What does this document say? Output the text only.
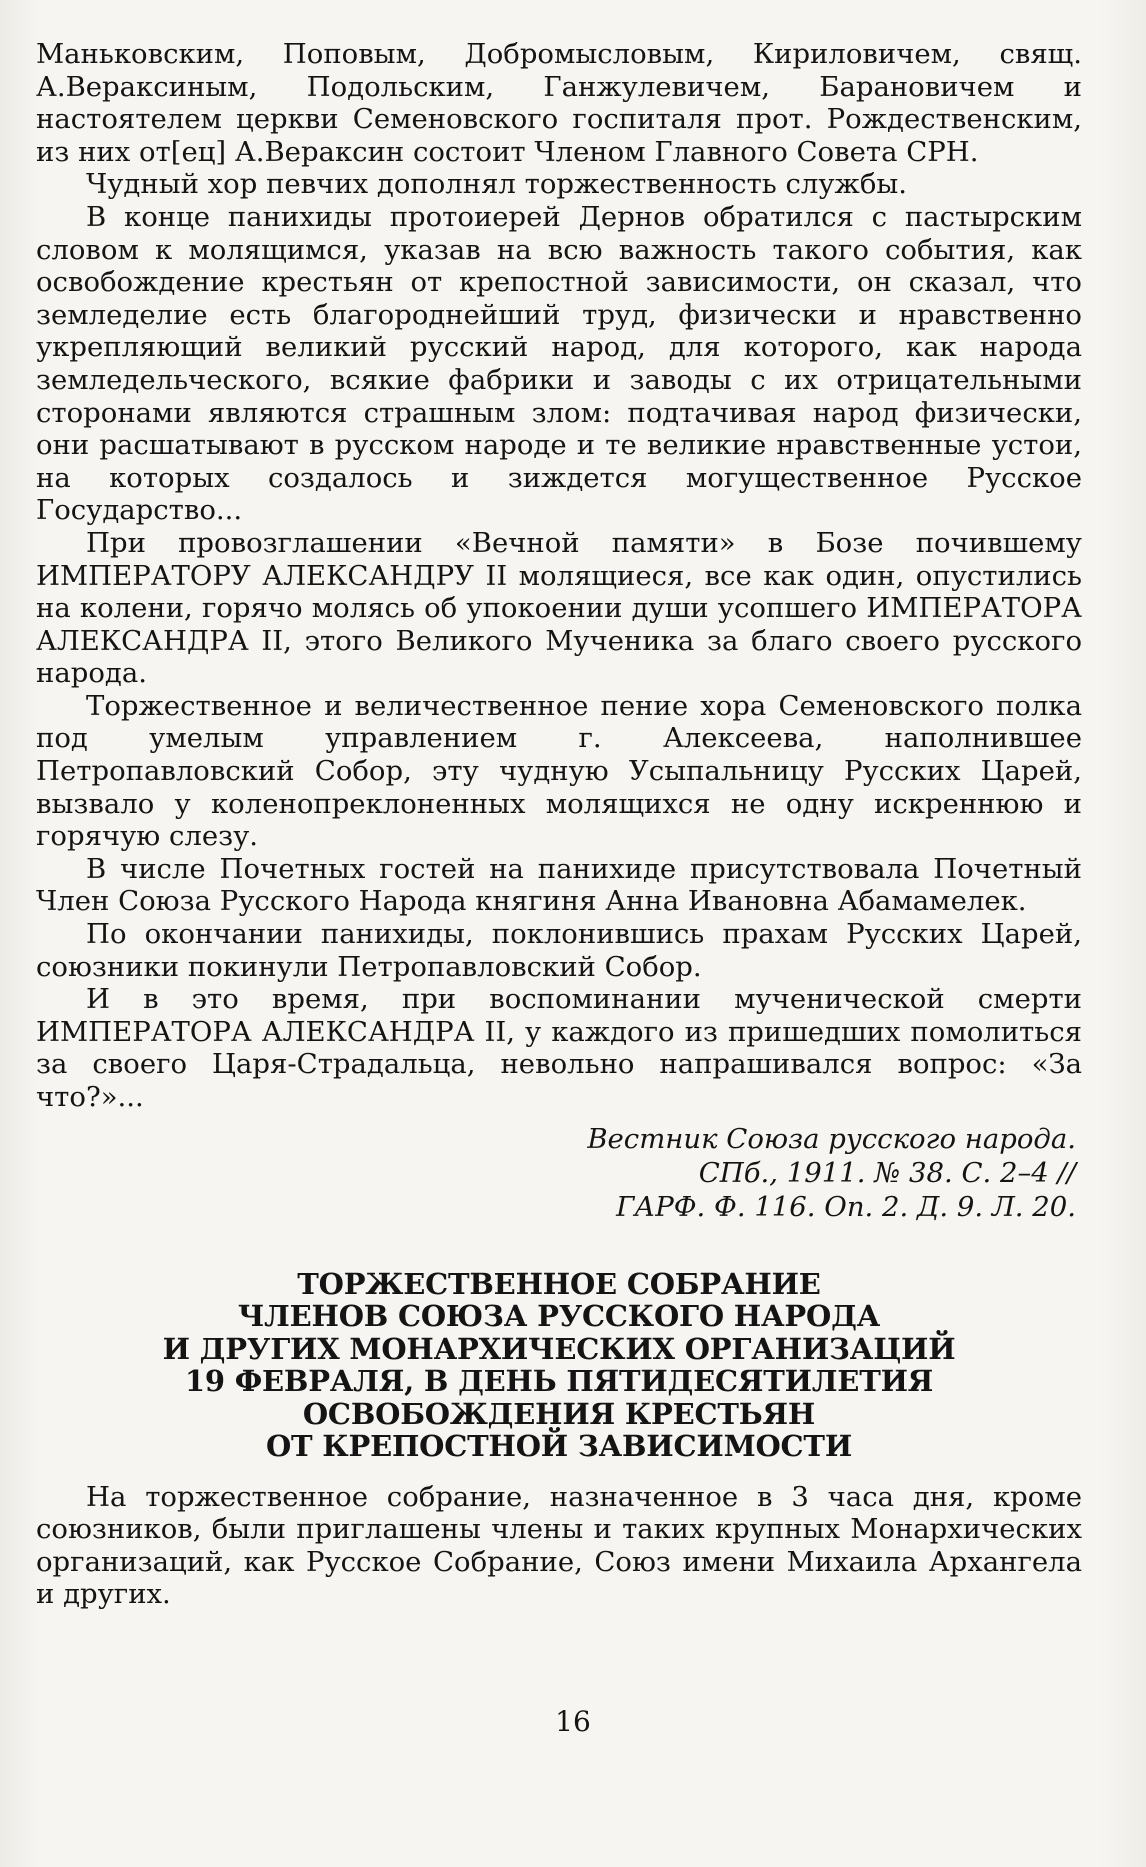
Маньковским, Поповым, Добромысловым, Кириловичем, свящ. А.Вераксиным, Подольским, Ганжулевичем, Барановичем и настоятелем церкви Семеновского госпиталя прот. Рождественским, из них от[ец] А.Вераксин состоит Членом Главного Совета СРН.

Чудный хор певчих дополнял торжественность службы.

В конце панихиды протоиерей Дернов обратился с пастырским словом к молящимся, указав на всю важность такого события, как освобождение крестьян от крепостной зависимости, он сказал, что земледелие есть благороднейший труд, физически и нравственно укрепляющий великий русский народ, для которого, как народа земледельческого, всякие фабрики и заводы с их отрицательными сторонами являются страшным злом: подтачивая народ физически, они расшатывают в русском народе и те великие нравственные устои, на которых создалось и зиждется могущественное Русское Государство...

При провозглашении «Вечной памяти» в Бозе почившему ИМПЕРАТОРУ АЛЕКСАНДРУ II молящиеся, все как один, опустились на колени, горячо молясь об упокоении души усопшего ИМПЕРАТОРА АЛЕКСАНДРА II, этого Великого Мученика за благо своего русского народа.

Торжественное и величественное пение хора Семеновского полка под умелым управлением г. Алексеева, наполнившее Петропавловский Собор, эту чудную Усыпальницу Русских Царей, вызвало у коленопреклоненных молящихся не одну искреннюю и горячую слезу.

В числе Почетных гостей на панихиде присутствовала Почетный Член Союза Русского Народа княгиня Анна Ивановна Абамамелек.

По окончании панихиды, поклонившись прахам Русских Царей, союзники покинули Петропавловский Собор.

И в это время, при воспоминании мученической смерти ИМПЕРАТОРА АЛЕКСАНДРА II, у каждого из пришедших помолиться за своего Царя-Страдальца, невольно напрашивался вопрос: «За что?»...

Вестник Союза русского народа.
СПб., 1911. № 38. С. 2–4 //
ГАРФ. Ф. 116. Оп. 2. Д. 9. Л. 20.
ТОРЖЕСТВЕННОЕ СОБРАНИЕ
ЧЛЕНОВ СОЮЗА РУССКОГО НАРОДА
И ДРУГИХ МОНАРХИЧЕСКИХ ОРГАНИЗАЦИЙ
19 ФЕВРАЛЯ, В ДЕНЬ ПЯТИДЕСЯТИЛЕТИЯ
ОСВОБОЖДЕНИЯ КРЕСТЬЯН
ОТ КРЕПОСТНОЙ ЗАВИСИМОСТИ

На торжественное собрание, назначенное в 3 часа дня, кроме союзников, были приглашены члены и таких крупных Монархических организаций, как Русское Собрание, Союз имени Михаила Архангела и других.

16
